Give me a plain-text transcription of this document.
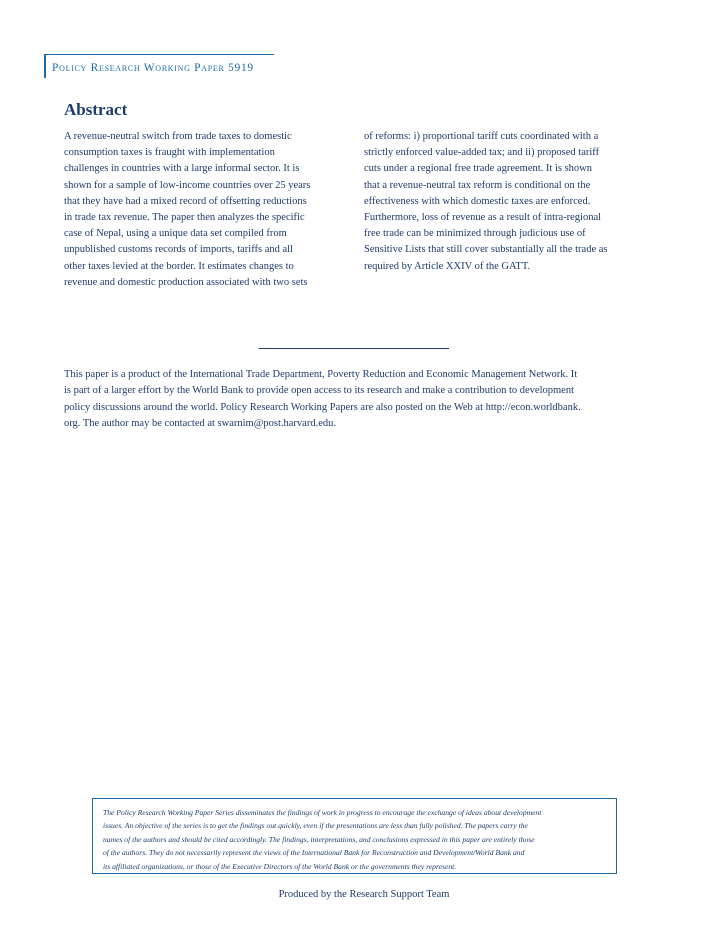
Policy Research Working Paper 5919
Abstract
A revenue-neutral switch from trade taxes to domestic
consumption taxes is fraught with implementation
challenges in countries with a large informal sector. It is
shown for a sample of low-income countries over 25 years
that they have had a mixed record of offsetting reductions
in trade tax revenue. The paper then analyzes the specific
case of Nepal, using a unique data set compiled from
unpublished customs records of imports, tariffs and all
other taxes levied at the border. It estimates changes to
revenue and domestic production associated with two sets
of reforms: i) proportional tariff cuts coordinated with a
strictly enforced value-added tax; and ii) proposed tariff
cuts under a regional free trade agreement. It is shown
that a revenue-neutral tax reform is conditional on the
effectiveness with which domestic taxes are enforced.
Furthermore, loss of revenue as a result of intra-regional
free trade can be minimized through judicious use of
Sensitive Lists that still cover substantially all the trade as
required by Article XXIV of the GATT.
This paper is a product of the International Trade Department, Poverty Reduction and Economic Management Network. It
is part of a larger effort by the World Bank to provide open access to its research and make a contribution to development
policy discussions around the world. Policy Research Working Papers are also posted on the Web at http://econ.worldbank.
org. The author may be contacted at swarnim@post.harvard.edu.
The Policy Research Working Paper Series disseminates the findings of work in progress to encourage the exchange of ideas about development
issues. An objective of the series is to get the findings out quickly, even if the presentations are less than fully polished. The papers carry the
names of the authors and should be cited accordingly. The findings, interpretations, and conclusions expressed in this paper are entirely those
of the authors. They do not necessarily represent the views of the International Bank for Reconstruction and Development/World Bank and
its affiliated organizations, or those of the Executive Directors of the World Bank or the governments they represent.
Produced by the Research Support Team
